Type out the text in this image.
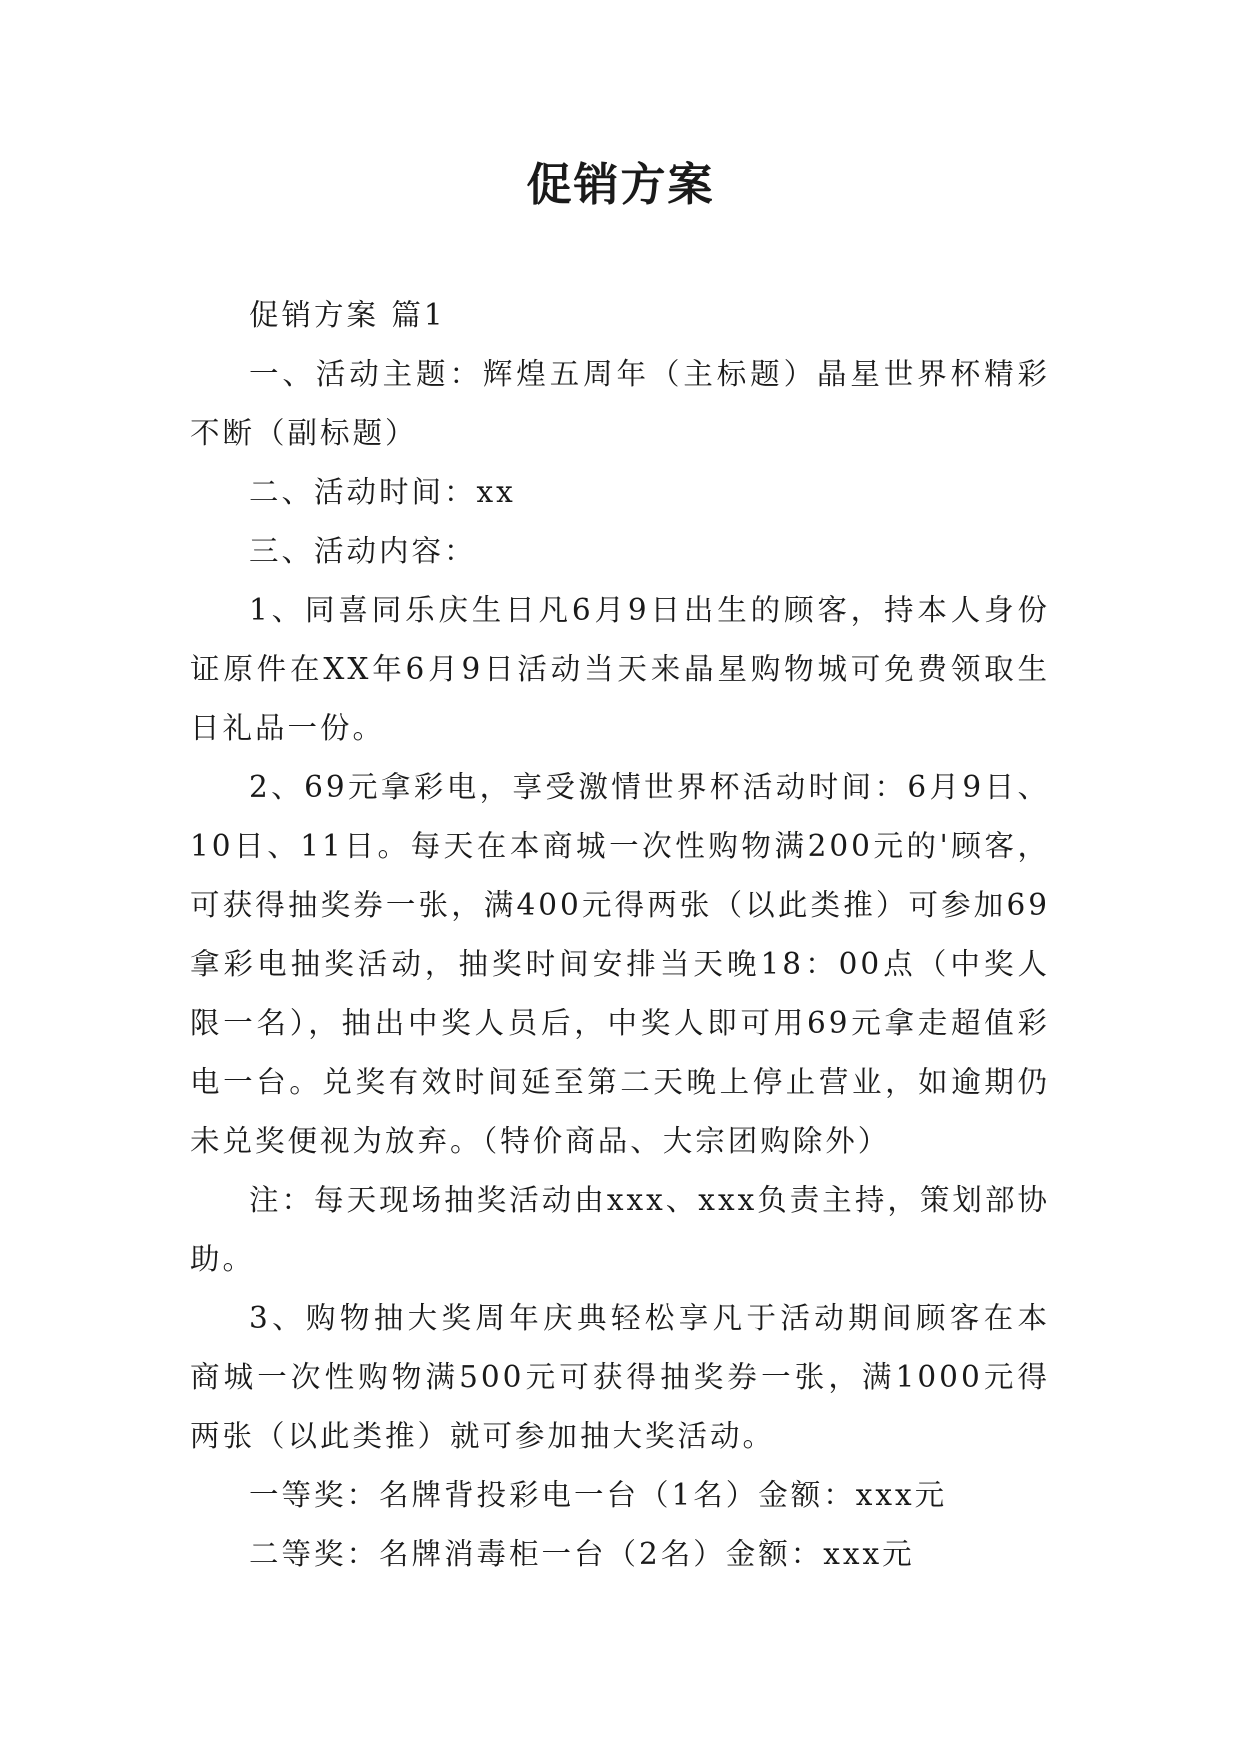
促销方案

促销方案 篇1

一、活动主题：辉煌五周年（主标题）晶星世界杯精彩不断（副标题）

二、活动时间：xx

三、活动内容：

1、同喜同乐庆生日凡6月9日出生的顾客，持本人身份证原件在XX年6月9日活动当天来晶星购物城可免费领取生日礼品一份。

2、69元拿彩电，享受激情世界杯活动时间：6月9日、10日、11日。每天在本商城一次性购物满200元的'顾客，可获得抽奖券一张，满400元得两张（以此类推）可参加69拿彩电抽奖活动，抽奖时间安排当天晚18：00点（中奖人限一名），抽出中奖人员后，中奖人即可用69元拿走超值彩电一台。兑奖有效时间延至第二天晚上停止营业，如逾期仍未兑奖便视为放弃。（特价商品、大宗团购除外）

注：每天现场抽奖活动由xxx、xxx负责主持，策划部协助。

3、购物抽大奖周年庆典轻松享凡于活动期间顾客在本商城一次性购物满500元可获得抽奖券一张，满1000元得两张（以此类推）就可参加抽大奖活动。

一等奖：名牌背投彩电一台（1名）金额：xxx元

二等奖：名牌消毒柜一台（2名）金额：xxx元
